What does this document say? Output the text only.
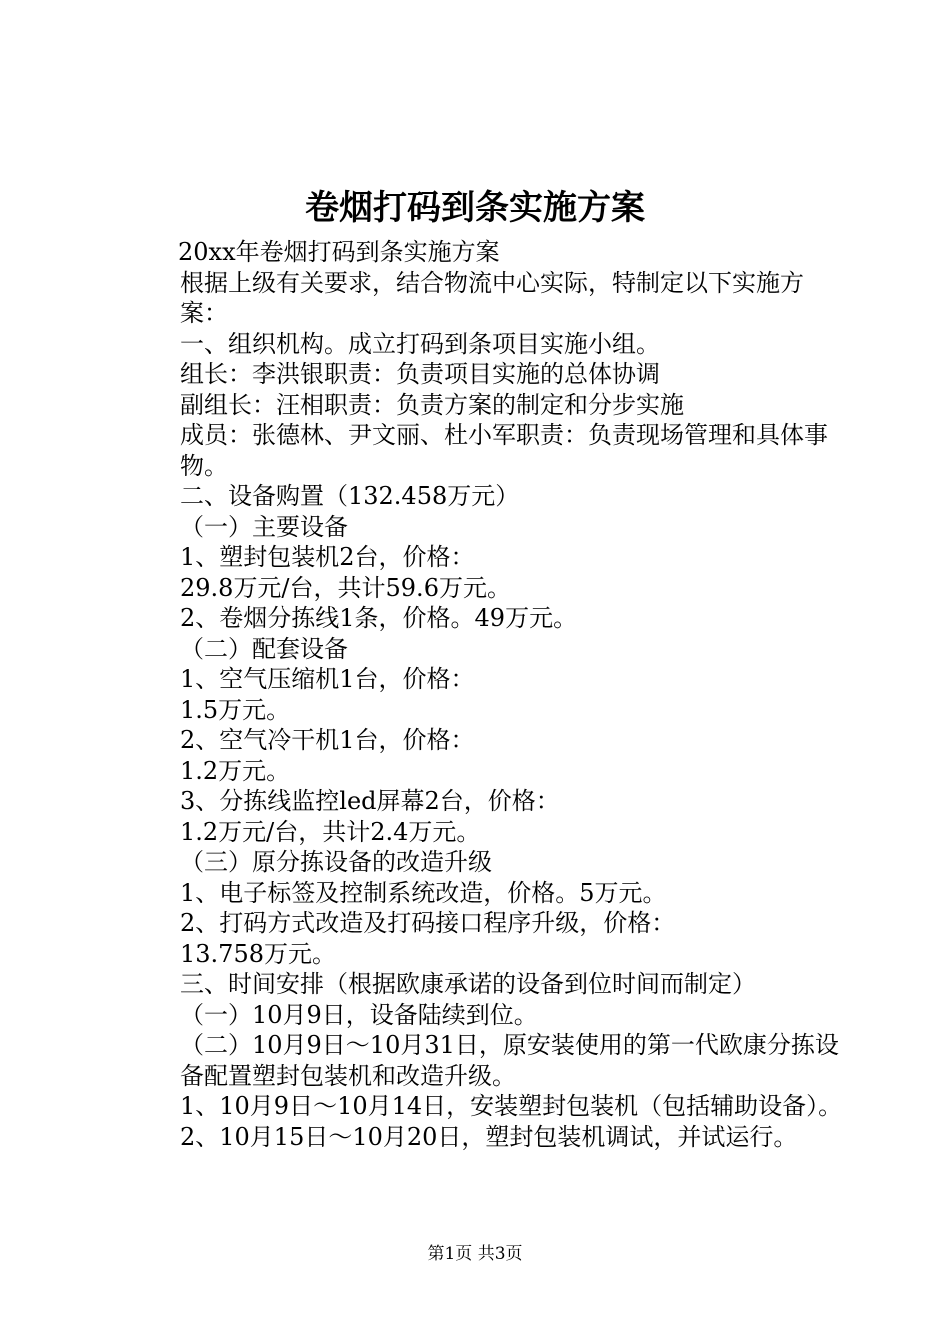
卷烟打码到条实施方案

20xx年卷烟打码到条实施方案

根据上级有关要求，结合物流中心实际，特制定以下实施方案：

一、组织机构。成立打码到条项目实施小组。

组长：李洪银职责：负责项目实施的总体协调

副组长：汪相职责：负责方案的制定和分步实施

成员：张德林、尹文丽、杜小军职责：负责现场管理和具体事物。

二、设备购置（132.458万元）

（一）主要设备

1、塑封包装机2台，价格：

29.8万元/台，共计59.6万元。

2、卷烟分拣线1条，价格。49万元。

（二）配套设备

1、空气压缩机1台，价格：

1.5万元。

2、空气冷干机1台，价格：

1.2万元。

3、分拣线监控led屏幕2台，价格：

1.2万元/台，共计2.4万元。

（三）原分拣设备的改造升级

1、电子标签及控制系统改造，价格。5万元。

2、打码方式改造及打码接口程序升级，价格：

13.758万元。

三、时间安排（根据欧康承诺的设备到位时间而制定）

（一）10月9日，设备陆续到位。

（二）10月9日～10月31日，原安装使用的第一代欧康分拣设备配置塑封包装机和改造升级。

1、10月9日～10月14日，安装塑封包装机（包括辅助设备）。

2、10月15日～10月20日，塑封包装机调试，并试运行。

第1页 共3页
